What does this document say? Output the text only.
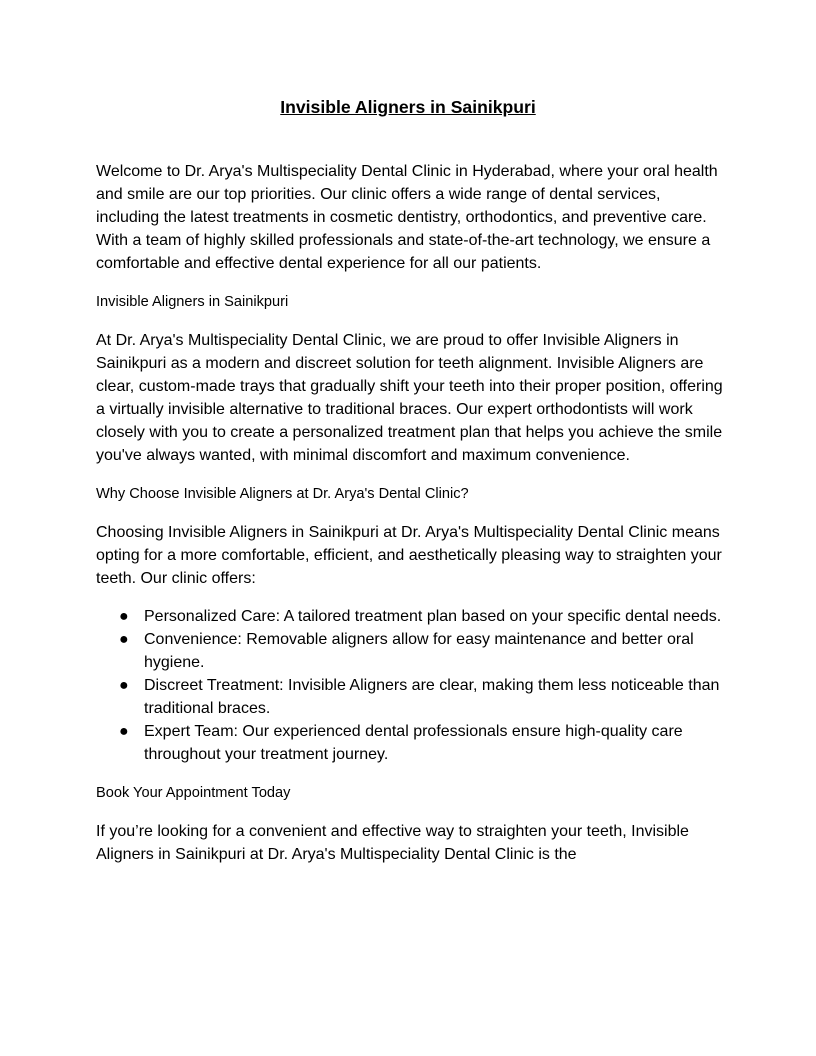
Invisible Aligners in Sainikpuri

Welcome to Dr. Arya's Multispeciality Dental Clinic in Hyderabad, where your oral health and smile are our top priorities. Our clinic offers a wide range of dental services, including the latest treatments in cosmetic dentistry, orthodontics, and preventive care. With a team of highly skilled professionals and state-of-the-art technology, we ensure a comfortable and effective dental experience for all our patients.

Invisible Aligners in Sainikpuri

At Dr. Arya's Multispeciality Dental Clinic, we are proud to offer Invisible Aligners in Sainikpuri as a modern and discreet solution for teeth alignment. Invisible Aligners are clear, custom-made trays that gradually shift your teeth into their proper position, offering a virtually invisible alternative to traditional braces. Our expert orthodontists will work closely with you to create a personalized treatment plan that helps you achieve the smile you've always wanted, with minimal discomfort and maximum convenience.

Why Choose Invisible Aligners at Dr. Arya's Dental Clinic?

Choosing Invisible Aligners in Sainikpuri at Dr. Arya's Multispeciality Dental Clinic means opting for a more comfortable, efficient, and aesthetically pleasing way to straighten your teeth. Our clinic offers:

● Personalized Care: A tailored treatment plan based on your specific dental needs.
● Convenience: Removable aligners allow for easy maintenance and better oral hygiene.
● Discreet Treatment: Invisible Aligners are clear, making them less noticeable than traditional braces.
● Expert Team: Our experienced dental professionals ensure high-quality care throughout your treatment journey.

Book Your Appointment Today

If you’re looking for a convenient and effective way to straighten your teeth, Invisible Aligners in Sainikpuri at Dr. Arya's Multispeciality Dental Clinic is the
